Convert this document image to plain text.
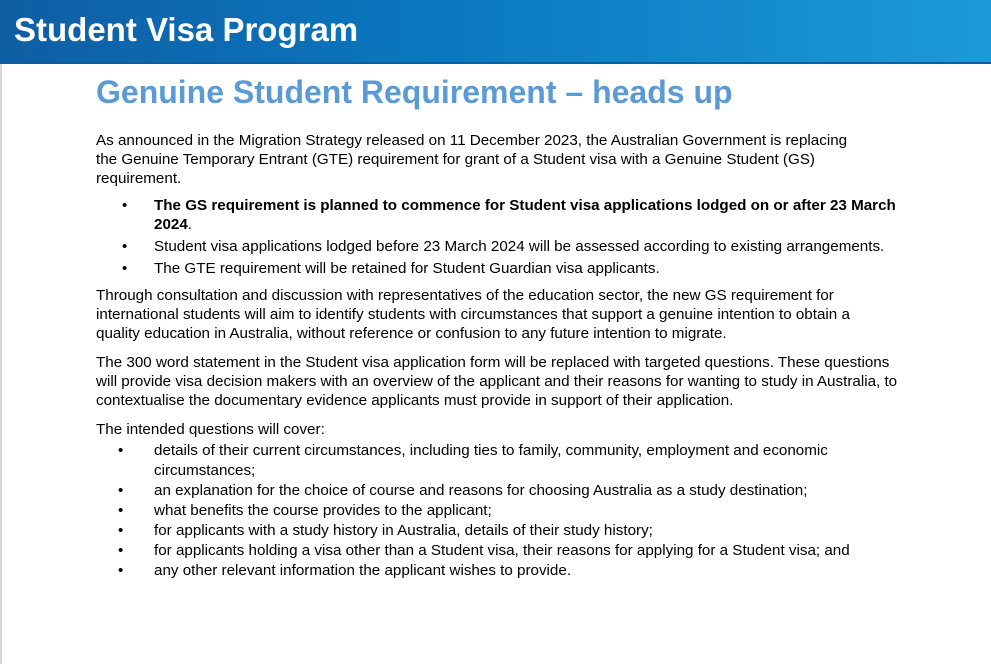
Student Visa Program
Genuine Student Requirement – heads up

As announced in the Migration Strategy released on 11 December 2023, the Australian Government is replacing the Genuine Temporary Entrant (GTE) requirement for grant of a Student visa with a Genuine Student (GS) requirement.

• The GS requirement is planned to commence for Student visa applications lodged on or after 23 March 2024.
• Student visa applications lodged before 23 March 2024 will be assessed according to existing arrangements.
• The GTE requirement will be retained for Student Guardian visa applicants.

Through consultation and discussion with representatives of the education sector, the new GS requirement for international students will aim to identify students with circumstances that support a genuine intention to obtain a quality education in Australia, without reference or confusion to any future intention to migrate.

The 300 word statement in the Student visa application form will be replaced with targeted questions. These questions will provide visa decision makers with an overview of the applicant and their reasons for wanting to study in Australia, to contextualise the documentary evidence applicants must provide in support of their application.

The intended questions will cover:

• details of their current circumstances, including ties to family, community, employment and economic circumstances;
• an explanation for the choice of course and reasons for choosing Australia as a study destination;
• what benefits the course provides to the applicant;
• for applicants with a study history in Australia, details of their study history;
• for applicants holding a visa other than a Student visa, their reasons for applying for a Student visa; and
• any other relevant information the applicant wishes to provide.
